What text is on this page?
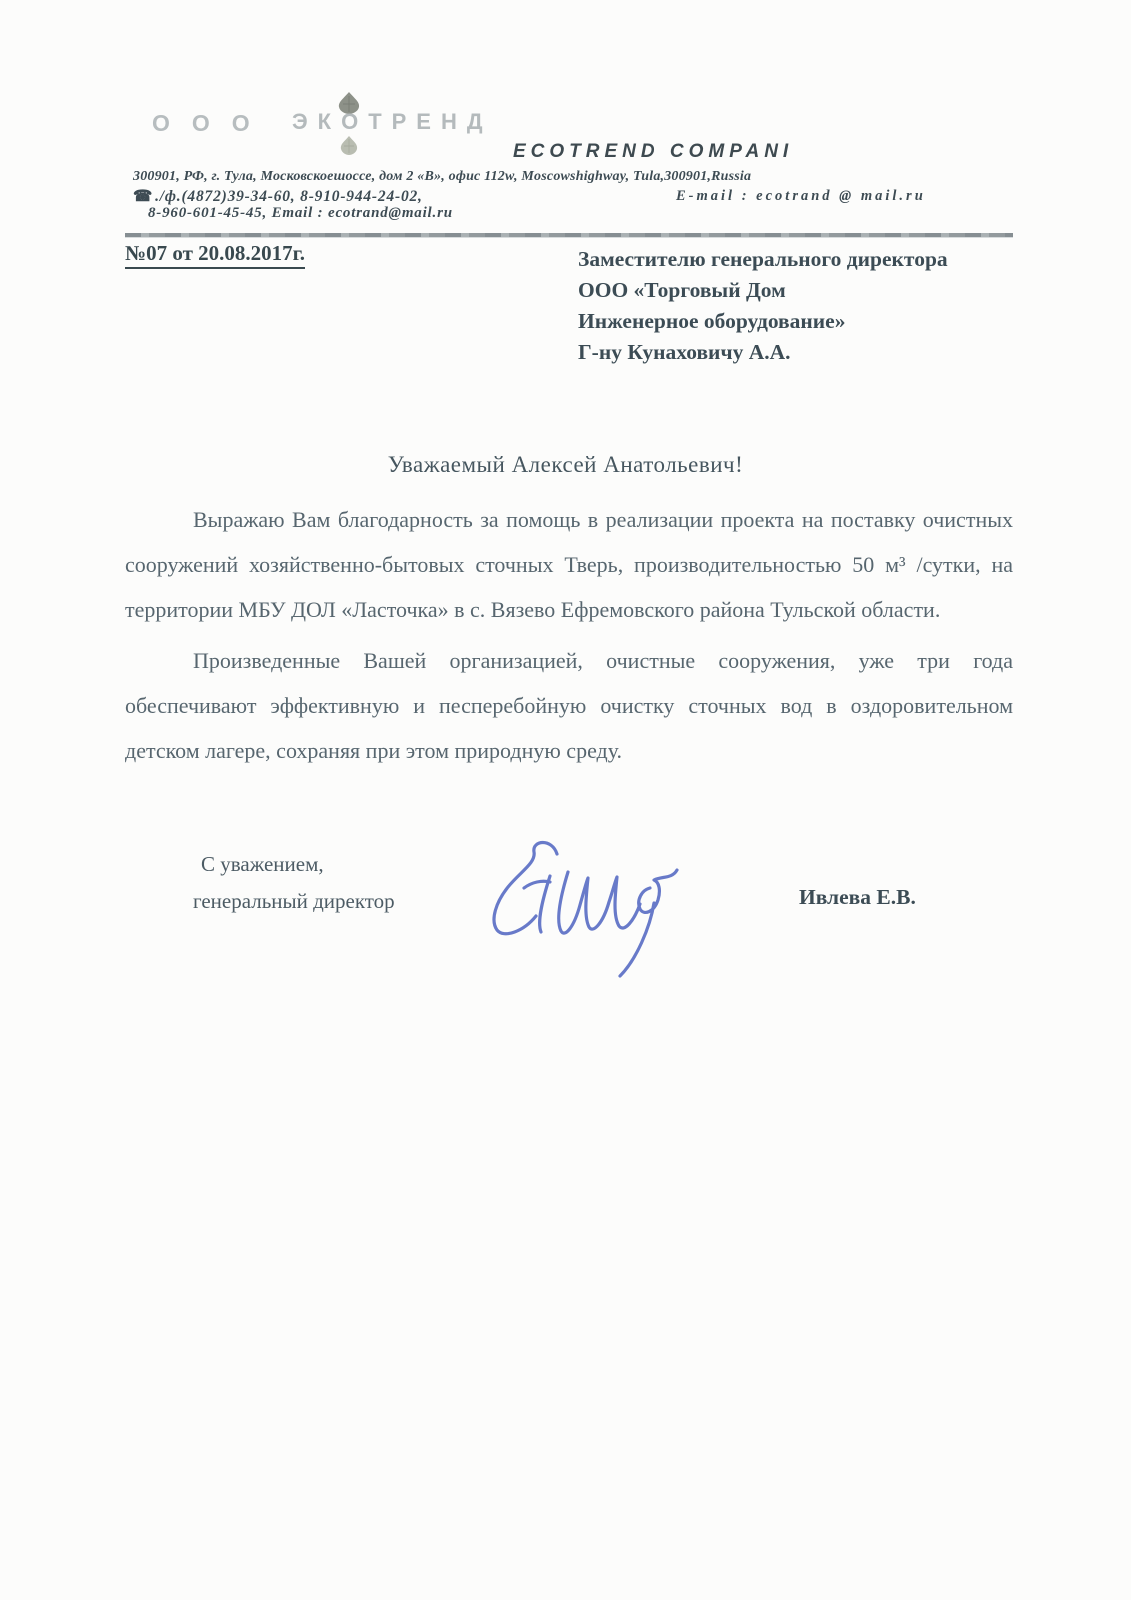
ООО ЭКОТРЕНД
ECOTREND COMPANI
300901, РФ, г. Тула, Московскоешоссе, дом 2 «В», офис 112w, Moscowshighway, Tula,300901,Russia
☎ ./ф.(4872)39-34-60, 8-910-944-24-02,	E-mail : ecotrand @ mail.ru
8-960-601-45-45, Email : ecotrand@mail.ru
№07 от 20.08.2017г.	Заместителю генерального директора
ООО «Торговый Дом
Инженерное оборудование»
Г-ну Кунаховичу А.А.
Уважаемый Алексей Анатольевич!

Выражаю Вам благодарность за помощь в реализации проекта на поставку очистных сооружений хозяйственно-бытовых сточных Тверь, производительностью 50 м³ /сутки, на территории МБУ ДОЛ «Ласточка» в с. Вязево Ефремовского района Тульской области.

Произведенные Вашей организацией, очистные сооружения, уже три года обеспечивают эффективную и песперебойную очистку сточных вод в оздоровительном детском лагере, сохраняя при этом природную среду.

С уважением,
генеральный директор	Ивлева Е.В.
